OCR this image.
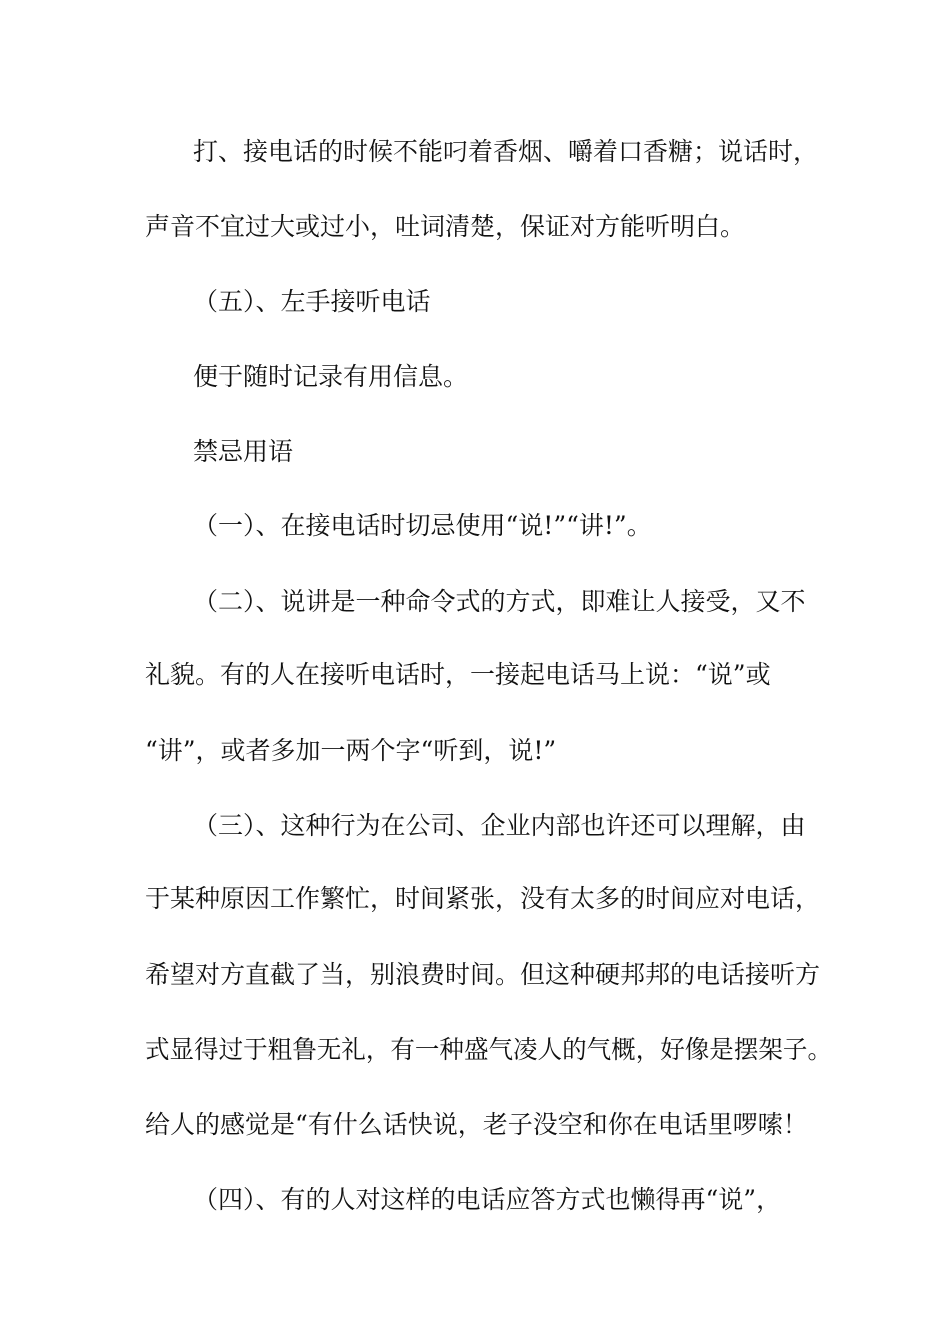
打、接电话的时候不能叼着香烟、嚼着口香糖；说话时，
声音不宜过大或过小，吐词清楚，保证对方能听明白。
（五）、左手接听电话
便于随时记录有用信息。
禁忌用语
（一）、在接电话时切忌使用“说!”“讲!”。
（二）、说讲是一种命令式的方式，即难让人接受，又不
礼貌。有的人在接听电话时，一接起电话马上说：“说”或
“讲”，或者多加一两个字“听到，说!”
（三）、这种行为在公司、企业内部也许还可以理解，由
于某种原因工作繁忙，时间紧张，没有太多的时间应对电话，
希望对方直截了当，别浪费时间。但这种硬邦邦的电话接听方
式显得过于粗鲁无礼，有一种盛气凌人的气概，好像是摆架子。
给人的感觉是“有什么话快说，老子没空和你在电话里啰嗦！
（四）、有的人对这样的电话应答方式也懒得再“说”，
